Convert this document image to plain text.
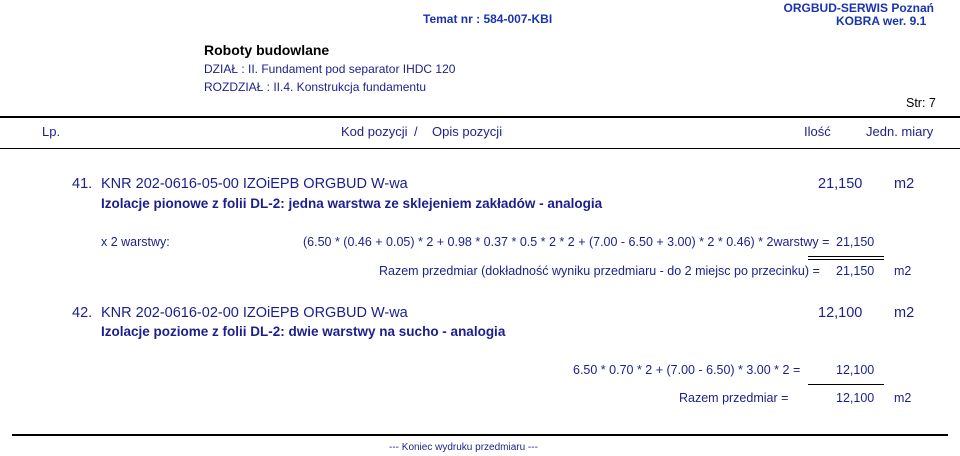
Temat nr : 584-007-KBI
ORGBUD-SERWIS Poznań
KOBRA wer. 9.1
Roboty budowlane
DZIAŁ : II. Fundament pod separator IHDC 120
ROZDZIAŁ : II.4. Konstrukcja fundamentu
Str: 7
Lp.	Kod pozycji / Opis pozycji	Ilość	Jedn. miary
41. KNR 202-0616-05-00 IZOiEPB ORGBUD W-wa	21,150 m2
Izolacje pionowe z folii DL-2: jedna warstwa ze sklejeniem zakładów - analogia
x 2 warstwy:	(6.50 * (0.46 + 0.05) * 2 + 0.98 * 0.37 * 0.5 * 2 * 2 + (7.00 - 6.50 + 3.00) * 2 * 0.46) * 2warstwy = 21,150
Razem przedmiar (dokładność wyniku przedmiaru - do 2 miejsc po przecinku) = 21,150 m2
42. KNR 202-0616-02-00 IZOiEPB ORGBUD W-wa	12,100 m2
Izolacje poziome z folii DL-2: dwie warstwy na sucho - analogia
6.50 * 0.70 * 2 + (7.00 - 6.50) * 3.00 * 2 =	12,100
Razem przedmiar =	12,100 m2
--- Koniec wydruku przedmiaru ---
